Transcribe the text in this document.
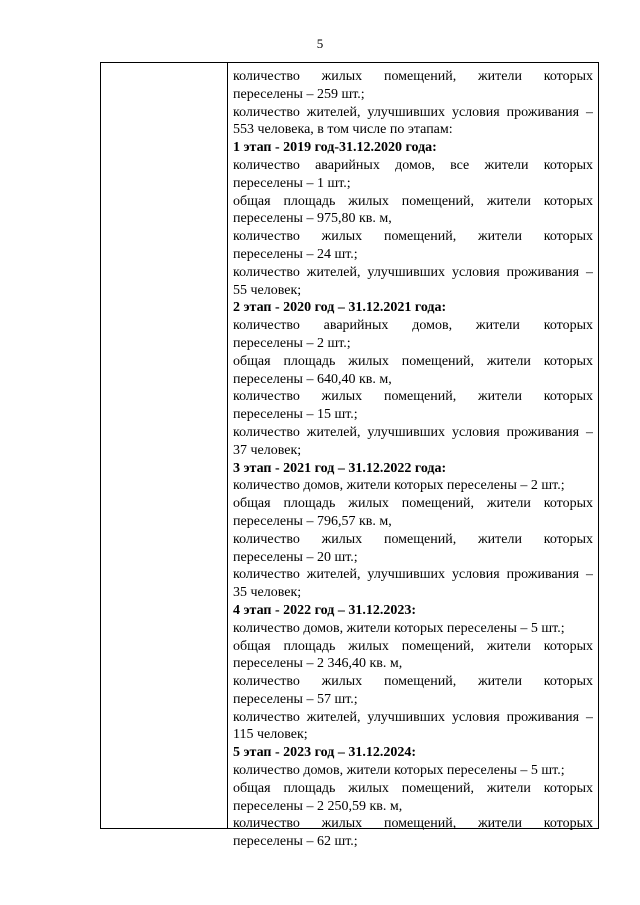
5
количество жилых помещений, жители которых
переселены – 259 шт.;
количество жителей, улучшивших условия проживания –
553 человека, в том числе по этапам:
1 этап - 2019 год-31.12.2020 года:
количество аварийных домов, все жители которых
переселены – 1 шт.;
общая площадь жилых помещений, жители которых
переселены – 975,80 кв. м,
количество жилых помещений, жители которых
переселены – 24 шт.;
количество жителей, улучшивших условия проживания –
55 человек;
2 этап - 2020 год – 31.12.2021 года:
количество аварийных домов, жители которых
переселены – 2 шт.;
общая площадь жилых помещений, жители которых
переселены – 640,40 кв. м,
количество жилых помещений, жители которых
переселены – 15 шт.;
количество жителей, улучшивших условия проживания –
37 человек;
3 этап - 2021 год – 31.12.2022 года:
количество домов, жители которых переселены – 2 шт.;
общая площадь жилых помещений, жители которых
переселены – 796,57 кв. м,
количество жилых помещений, жители которых
переселены – 20 шт.;
количество жителей, улучшивших условия проживания –
35 человек;
4 этап - 2022 год – 31.12.2023:
количество домов, жители которых переселены – 5 шт.;
общая площадь жилых помещений, жители которых
переселены – 2 346,40 кв. м,
количество жилых помещений, жители которых
переселены – 57 шт.;
количество жителей, улучшивших условия проживания –
115 человек;
5 этап - 2023 год – 31.12.2024:
количество домов, жители которых переселены – 5 шт.;
общая площадь жилых помещений, жители которых
переселены – 2 250,59 кв. м,
количество жилых помещений, жители которых
переселены – 62 шт.;
